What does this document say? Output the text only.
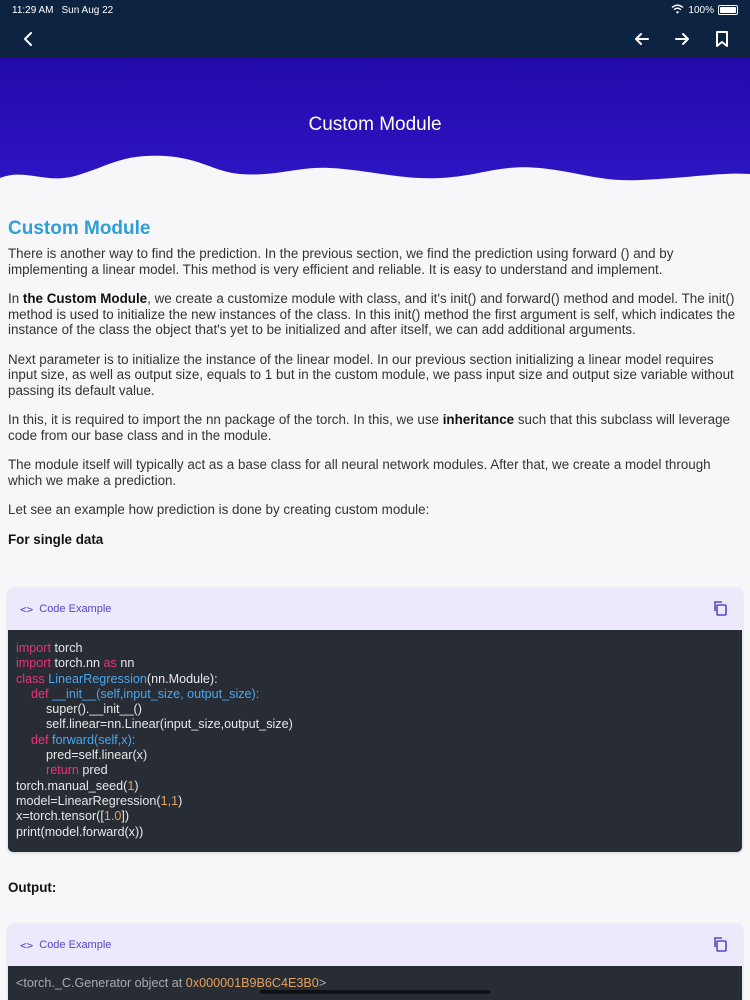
11:29 AM Sun Aug 22	100%
Custom Module
Custom Module

There is another way to find the prediction. In the previous section, we find the prediction using forward () and by implementing a linear model. This method is very efficient and reliable. It is easy to understand and implement.

In the Custom Module, we create a customize module with class, and it's init() and forward() method and model. The init() method is used to initialize the new instances of the class. In this init() method the first argument is self, which indicates the instance of the class the object that's yet to be initialized and after itself, we can add additional arguments.

Next parameter is to initialize the instance of the linear model. In our previous section initializing a linear model requires input size, as well as output size, equals to 1 but in the custom module, we pass input size and output size variable without passing its default value.

In this, it is required to import the nn package of the torch. In this, we use inheritance such that this subclass will leverage code from our base class and in the module.

The module itself will typically act as a base class for all neural network modules. After that, we create a model through which we make a prediction.

Let see an example how prediction is done by creating custom module:

For single data

<> Code Example
import torch
import torch.nn as nn
class LinearRegression(nn.Module):
def __init__(self,input_size, output_size):
super().__init__()
self.linear=nn.Linear(input_size,output_size)
def forward(self,x):
pred=self.linear(x)
return pred
torch.manual_seed(1)
model=LinearRegression(1,1)
x=torch.tensor([1.0])
print(model.forward(x))
Output:
<> Code Example
<torch._C.Generator object at 0x000001B9B6C4E3B0>
